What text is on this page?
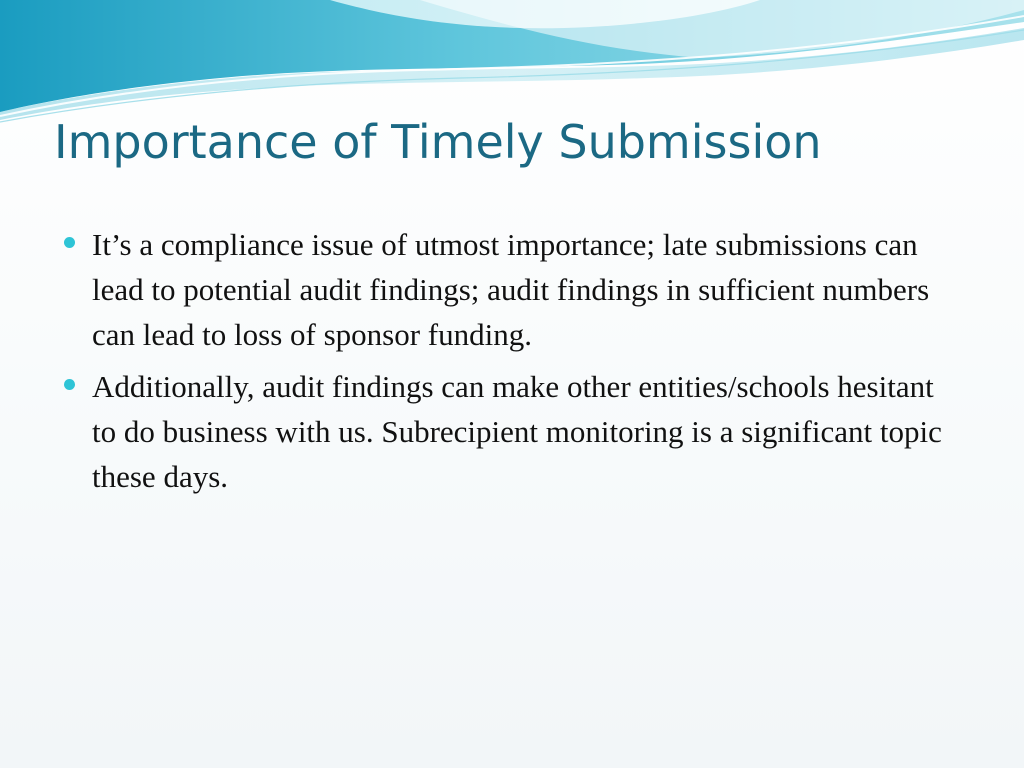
Importance of Timely Submission
It’s a compliance issue of utmost importance; late submissions can lead to potential audit findings; audit findings in sufficient numbers can lead to loss of sponsor funding.
Additionally, audit findings can make other entities/schools hesitant to do business with us. Subrecipient monitoring is a significant topic these days.
